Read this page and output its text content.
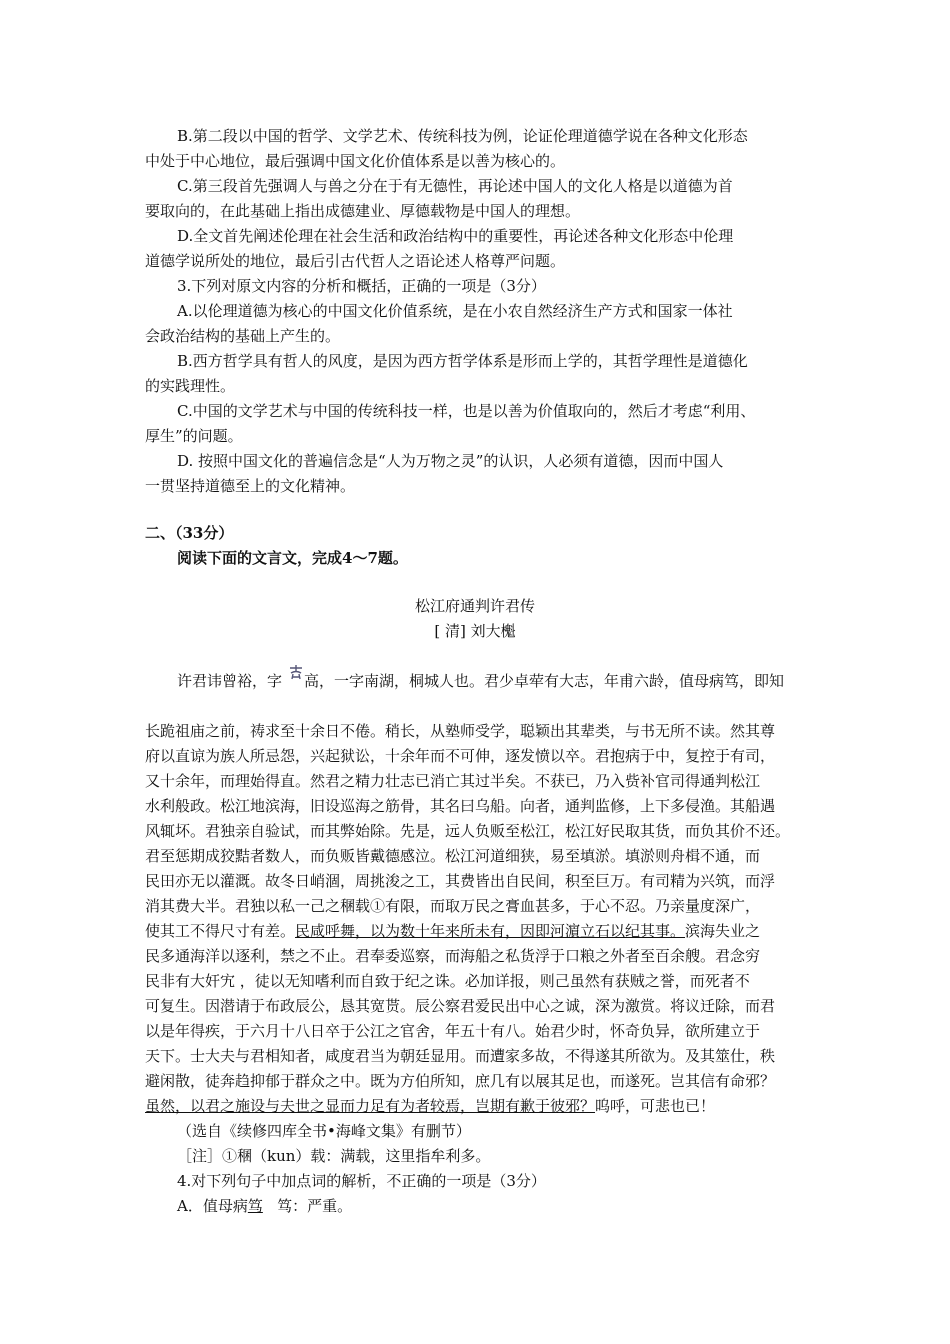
B.第二段以中国的哲学、文学艺术、传统科技为例，论证伦理道德学说在各种文化形态
中处于中心地位，最后强调中国文化价值体系是以善为核心的。
C.第三段首先强调人与兽之分在于有无德性，再论述中国人的文化人格是以道德为首
要取向的，在此基础上指出成德建业、厚德载物是中国人的理想。
D.全文首先阐述伦理在社会生活和政治结构中的重要性，再论述各种文化形态中伦理
道德学说所处的地位，最后引古代哲人之语论述人格尊严问题。
3.下列对原文内容的分析和概括，正确的一项是（3分）
A.以伦理道德为核心的中国文化价值系统，是在小农自然经济生产方式和国家一体社
会政治结构的基础上产生的。
B.西方哲学具有哲人的风度，是因为西方哲学体系是形而上学的，其哲学理性是道德化
的实践理性。
C.中国的文学艺术与中国的传统科技一样，也是以善为价值取向的，然后才考虑“利用、
厚生”的问题。
D. 按照中国文化的普遍信念是“人为万物之灵”的认识，人必须有道德，因而中国人
一贯坚持道德至上的文化精神。
二、（33分）
阅读下面的文言文，完成4～7题。
松江府通判许君传
[ 清] 刘大櫆
许君讳曾裕，字 高，一字南湖，桐城人也。君少卓荦有大志，年甫六龄，值母病笃，即知
长跪祖庙之前，祷求至十余日不倦。稍长，从塾师受学，聪颖出其辈类，与书无所不读。然其尊
府以直谅为族人所忌怨，兴起狱讼，十余年而不可伸，逐发愤以卒。君抱病于中，复控于有司，
又十余年，而理始得直。然君之精力壮志已消亡其过半矣。不获已，乃入赀补官司得通判松江
水利般政。松江地滨海，旧设巡海之筋骨，其名曰乌船。向者，通判监修，上下多侵渔。其船遇
风辄坏。君独亲自验试，而其弊始除。先是，远人负贩至松江，松江好民取其货，而负其价不还。
君至惩期成狡黠者数人，而负贩皆戴德感泣。松江河道细狭，易至填淤。填淤则舟楫不通，而
民田亦无以灌溉。故冬日峭涸，周挑浚之工，其费皆出自民间，积至巨万。有司精为兴筑，而浮
消其费大半。君独以私一己之稛载①有限，而取万民之膏血甚多，于心不忍。乃亲量度深广，
使其工不得尺寸有差。民咸呼舞，以为数十年来所未有，因即河濵立石以纪其事。滨海失业之
民多通海洋以逐利，禁之不止。君奉委巡察，而海船之私货浮于口粮之外者至百余艘。君念穷
民非有大奸宄 ，徒以无知嗜利而自致于纪之诛。必加详报，则己虽然有获贼之誉，而死者不
可复生。因潜请于布政辰公，恳其宽贳。辰公察君爱民出中心之诚，深为激赏。将议迁除，而君
以是年得疾，于六月十八日卒于公江之官舍，年五十有八。始君少时，怀奇负异，欲所建立于
天下。士大夫与君相知者，咸度君当为朝廷显用。而遭家多故，不得遂其所欲为。及其筮仕，秩
避闲散，徒奔趋抑郁于群众之中。既为方伯所知，庶几有以展其足也，而遂死。岂其信有命邪？
虽然，以君之施设与夫世之显而力足有为者较焉，岂期有歉于彼邪？呜呼，可悲也已！
（选自《续修四库全书•海峰文集》有删节）
［注］①稛（kun）载：满载，这里指牟利多。
4.对下列句子中加点词的解析，不正确的一项是（3分）
A．值母病笃   笃：严重。
